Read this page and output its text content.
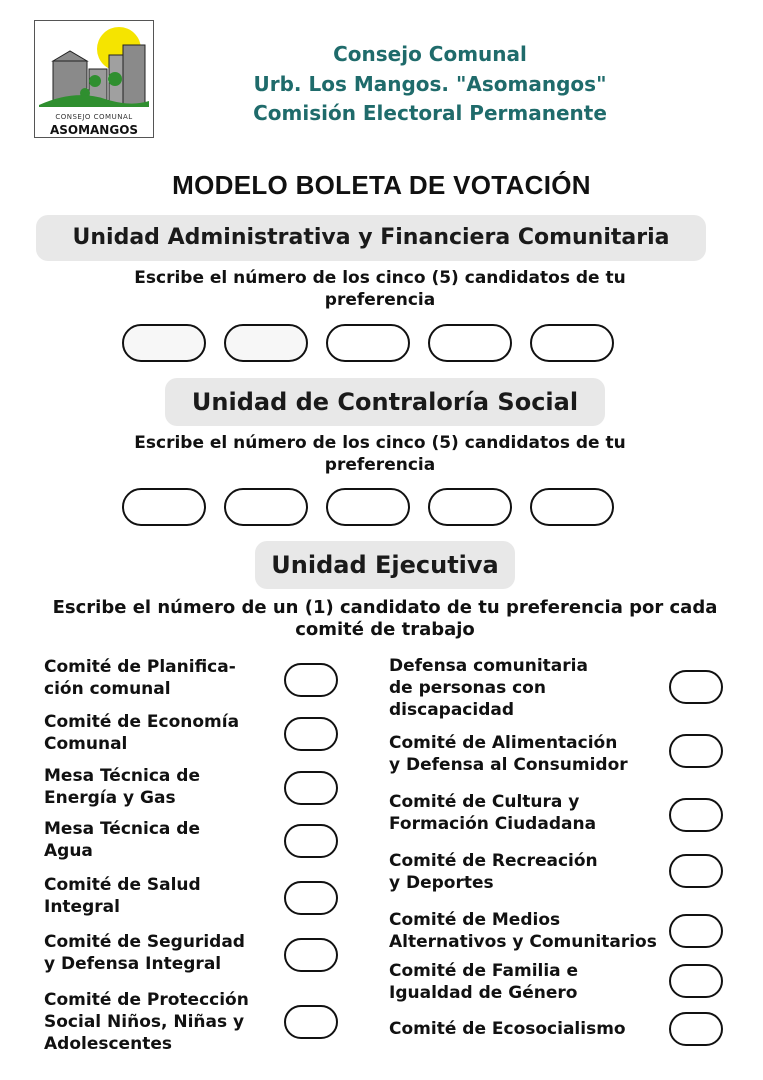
CONSEJO COMUNAL
ASOMANGOS
Consejo Comunal
Urb. Los Mangos. "Asomangos"
Comisión Electoral Permanente
MODELO BOLETA DE VOTACIÓN
Unidad Administrativa y Financiera Comunitaria
Escribe el número de los cinco (5) candidatos de tu preferencia
Unidad de Contraloría Social
Escribe el número de los cinco (5) candidatos de tu preferencia
Unidad Ejecutiva
Escribe el número de un (1) candidato de tu preferencia por cada comité de trabajo
Comité de Planifica-
ción comunal
Comité de Economía
Comunal
Mesa Técnica de
Energía y Gas
Mesa Técnica de
Agua
Comité de Salud
Integral
Comité de Seguridad
y Defensa Integral
Comité de Protección
Social Niños, Niñas y
Adolescentes
Defensa comunitaria
de personas con
discapacidad
Comité de Alimentación
y Defensa al Consumidor
Comité de Cultura y
Formación Ciudadana
Comité de Recreación
y Deportes
Comité de Medios
Alternativos y Comunitarios
Comité de Familia e
Igualdad de Género
Comité de Ecosocialismo
